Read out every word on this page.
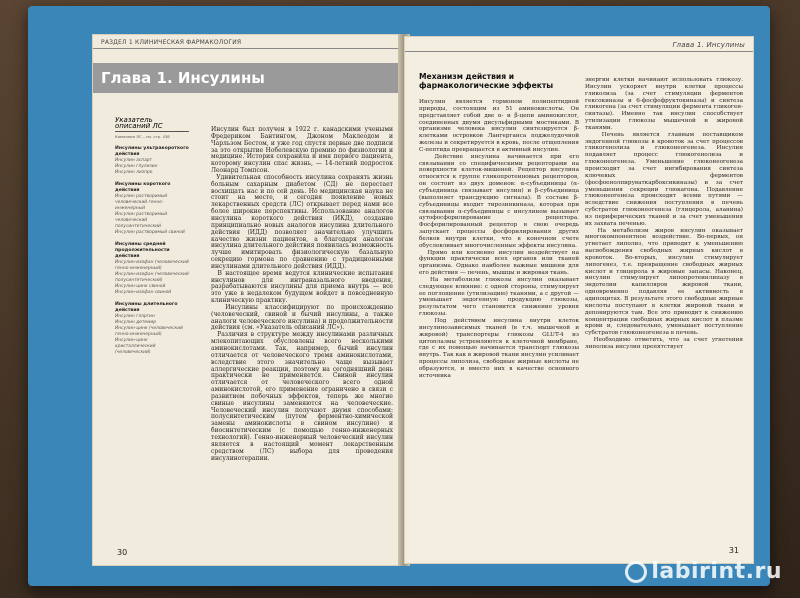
РАЗДЕЛ 1 КЛИНИЧЕСКАЯ ФАРМАКОЛОГИЯ
Глава 1. Инсулины
Указатель описаний ЛС
Компания ЛС – см. стр. 438
Инсулины ультракороткого действия
Инсулин аспарт
Инсулин глулизин
Инсулин лизпро
Инсулины короткого действия
Инсулин растворимый человеческий генно-инженерный
Инсулин растворимый человеческий полусинтетический
Инсулин растворимый свиной
Инсулины средней продолжительности действия
Инсулин-изофан (человеческий генно-инженерный)
Инсулин-изофан (человеческий полусинтетический)
Инсулин-цинк свиной
Инсулин-изофан свиной
Инсулины длительного действия
Инсулин гларгин
Инсулин детемир
Инсулин-цинк (человеческий генно-инженерный)
Инсулин-цинк кристаллический (человеческий)
Инсулин был получен в 1922 г. канадскими учеными Фредериком Бантингом, Джоном Маклеодом и Чарльзом Бестом, и уже год спустя первые две подписи за это открытие Нобелевскую премию по физиологии и медицине. История сохранила и имя первого пациента, которому инсулин спас жизнь, — 14-летний подросток Леонард Томпсон.
Удивительная способность инсулина сохранять жизнь больным сахарным диабетом (СД) не перестает восхищать нас и по сей день. Но медицинская наука не стоит на месте, и сегодня появление новых лекарственных средств (ЛС) открывает перед нами все более широкие перспективы. Использование аналогов инсулина короткого действия (ИКД), создание принципиально новых аналогов инсулина длительного действия (ИДД) позволяет значительно улучшить качество жизни пациентов, а благодаря аналогам инсулина длительного действия появилась возможность лучше имитировать физиологическую базальную секрецию гормона по сравнению с традиционными инсулинами длительного действия (ИДД).
В настоящее время ведутся клинические испытания инсулинов для интраназального введения, разрабатываются инсулины для приема внутрь — все это уже в недалеком будущем войдет в повседневную клиническую практику.
Инсулины классифицируют по происхождению (человеческий, свиной и бычий инсулины, а также аналоги человеческого инсулина) и продолжительности действия (см. «Указатель описаний ЛС»).
Различия в структуре между инсулинами различных млекопитающих обусловлены всего несколькими аминокислотами. Так, например, бычий инсулин отличается от человеческого тремя аминокислотами, вследствие этого значительно чаще вызывает аллергические реакции, поэтому на сегодняшний день практически не применяется. Свиной инсулин отличается от человеческого всего одной аминокислотой, его применение ограничено в связи с развитием побочных эффектов, теперь же многие свиные инсулины заменяются на человеческие. Человеческий инсулин получают двумя способами: полусинтетическим (путем ферментно-химической замены аминокислоты в свином инсулине) и биосинтетическим (с помощью генно-инженерных технологий). Генно-инженерный человеческий инсулин является в настоящий момент лекарственным средством (ЛС) выбора для проведения инсулинотерапии.
30
Глава 1. Инсулины
Механизм действия и фармакологические эффекты
Инсулин является гормоном полипептидной природы, состоящим из 51 аминокислоты. Он представляет собой две α- и β-цепи аминокислот, соединенных двумя дисульфидными мостиками. В организме человека инсулин синтезируется β-клетками островков Лангерганса поджелудочной железы и секретируется в кровь, после отщепления С-пептида превращается в активный инсулин.
Действие инсулина начинается при его связывании со специфическими рецепторами на поверхности клеток-мишеней. Рецептор инсулина относится к группе гликопротеиновых рецепторов, он состоит из двух доменов: α-субъединицы (α-субъединица связывает инсулин) и β-субъединица (выполняет трансдукцию сигнала). В составе β-субъединицы входит тирозинкиназа, которая при связывании α-субъединицы с инсулином вызывает аутофосфорилирование рецептора. Фосфорилированный рецептор в свою очередь запускает процессы фосфорилирования других белков внутри клетки, что в конечном счете обусловливает многочисленные эффекты инсулина.
Прямо или косвенно инсулин воздействует на функции практически всех органов или тканей организма. Однако наиболее важные мишени для его действия — печень, мышцы и жировая ткань.
На метаболизм глюкозы инсулин оказывает следующее влияние: с одной стороны, стимулирует ее поглощение (утилизацию) тканями, а с другой — уменьшает эндогенную продукцию глюкозы, результатом чего становится снижение уровня глюкозы.
Под действием инсулина внутри клеток инсулинозависимых тканей (в т.ч. мышечной и жировой) транспортеры глюкозы GLUT-4 из цитоплазмы устремляются к клеточной мембране, где с их помощью начинается транспорт глюкозы внутрь. Так как в жировой ткани инсулин усиливает процессы липолиза, свободные жирные кислоты не образуются, и вместо них в качестве основного источника
энергии клетки начинают использовать глюкозу. Инсулин ускоряет внутри клетки процессы гликолиза (за счет стимуляции ферментов гексокиназы и 6-фосфофруктокиназы) и синтеза гликогена (за счет стимуляции фермента гликоген-синтазы). Именно так инсулин способствует утилизации глюкозы мышечной и жировой тканями.
Печень является главным поставщиком эндогенной глюкозы в кровоток за счет процессов гликогенолиза и глюконеогенеза. Инсулин подавляет процесс глюкогенолиза и глюконеогенеза. Уменьшение глюконеогенеза происходит за счет ингибирования синтеза ключевых ферментов (фосфоенолпируваткарбоксикиназы) и за счет уменьшения секреции глюкагона. Подавление глюконеогенеза происходит всеми путями — вследствие снижения поступления в печень субстратов глюконеогенеза (глицерола, аланина) из периферических тканей и за счет уменьшения их захвата печенью.
На метаболизм жиров инсулин оказывает многокомпонентное воздействие. Во-первых, он угнетает липолиз, что приводит к уменьшению высвобождения свободных жирных кислот в кровоток. Во-вторых, инсулин стимулирует липогенез, т.е. превращение свободных жирных кислот и глицерола в жировые запасы. Наконец, инсулин стимулирует липопротеинлипазу в эндотелии капилляров жировой ткани, одновременно подавляя ее активность в адипоцитах. В результате этого свободные жирные кислоты поступают в клетки жировой ткани и депонируются там. Все это приводит к снижению концентрации свободных жирных кислот в плазме крови и, следовательно, уменьшает поступление субстратов глюконеогенеза в печень.
Необходимо отметить, что за счет угнетения липолиза инсулин препятствует
31
labirint.ru
